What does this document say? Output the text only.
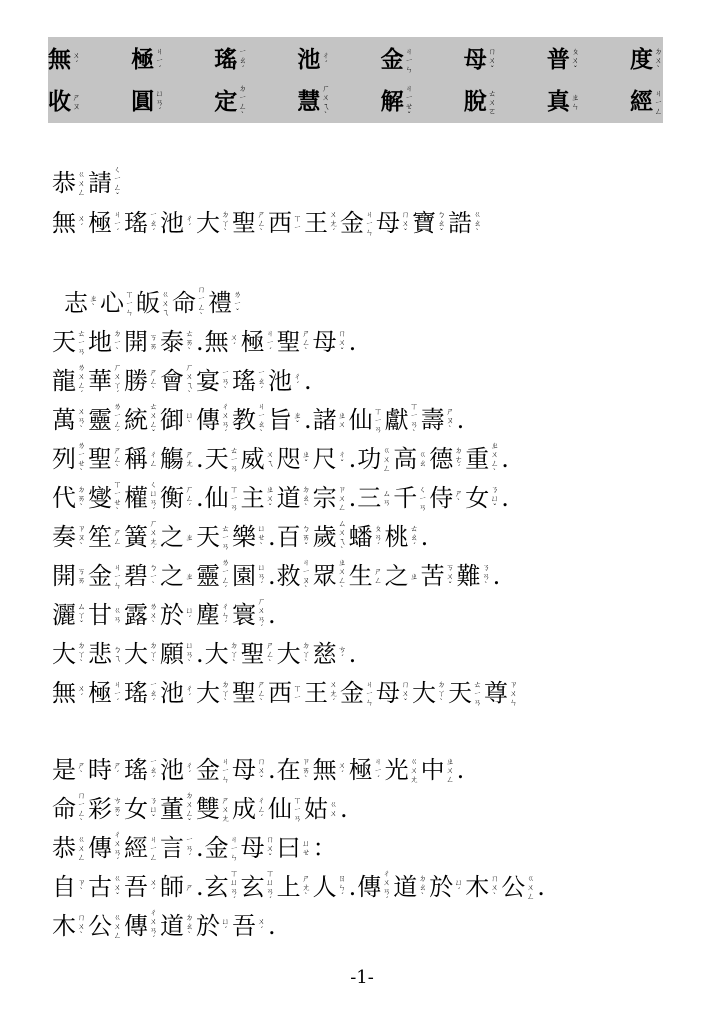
無 ㄨˊ 極 ㄐㄧˊ 瑤 ㄧㄠˊ 池 ㄔˊ 金 ㄐㄧㄣ 母 ㄇㄨˇ 普 ㄆㄨˇ 度 ㄉㄨˋ
收 ㄕㄡ 圓 ㄩㄢˊ 定 ㄉㄧㄥˋ
慧 ㄏㄨㄟˋ
解 ㄐㄧㄝˇ
脫 ㄊㄨㄛ 真 ㄓㄣ 經 ㄐㄧㄥ
恭 ㄍㄨㄥ 請 ㄑㄧㄥˇ
無 ㄨˊ 極 ㄐㄧˊ 瑤 ㄧㄠˊ 池 ㄔˊ 大 ㄉㄚˋ 聖 ㄕㄥˋ 西 ㄒㄧ 王 ㄨㄤˊ 金 ㄐㄧㄣ 母 ㄇㄨˇ 寶 ㄅㄠˇ 誥 ㄍㄠˋ
志 ㄓˋ 心 ㄒㄧㄣ 皈 ㄍㄨㄟ 命 ㄇㄧㄥˋ 禮 ㄌㄧˇ
天 ㄊㄧㄢ 地 ㄉㄧˋ 開 ㄎㄞ 泰 ㄊㄞˋ . 無 ㄨˊ 極 ㄐㄧˊ 聖 ㄕㄥˋ 母 ㄇㄨˇ .
龍 ㄌㄨㄥˊ 華 ㄏㄨㄚˊ 勝 ㄕㄥˋ 會 ㄏㄨㄟˋ 宴 ㄧㄢˋ 瑤 ㄧㄠˊ 池 ㄔˊ .
萬 ㄨㄢˋ 靈 ㄌㄧㄥˊ 統 ㄊㄨㄥˇ 御 ㄩˋ 傳 ㄔㄨㄢˊ 教 ㄐㄧㄠˋ 旨 ㄓˇ . 諸 ㄓㄨ 仙 ㄒㄧㄢ 獻 ㄒㄧㄢˋ 壽 ㄕㄡˋ .
列 ㄌㄧㄝˋ 聖 ㄕㄥˋ 稱 ㄔㄥ 觴 ㄕㄤ . 天 ㄊㄧㄢ 威 ㄨㄟ 咫 ㄓˇ 尺 ㄔˇ . 功 ㄍㄨㄥ 高 ㄍㄠ 德 ㄉㄜˊ 重 ㄓㄨㄥˋ .
代 ㄉㄞˋ 燮 ㄒㄧㄝˋ 權 ㄑㄩㄢˊ 衡 ㄏㄥˊ . 仙 ㄒㄧㄢ 主 ㄓㄨˇ 道 ㄉㄠˋ 宗 ㄗㄨㄥ . 三 ㄙㄢ 千 ㄑㄧㄢ 侍 ㄕˋ 女 ㄋㄩˇ .
奏 ㄗㄡˋ 笙 ㄕㄥ 簧 ㄏㄨㄤˊ 之 ㄓ 天 ㄊㄧㄢ 樂 ㄩㄝˋ . 百 ㄅㄞˇ 歲 ㄙㄨㄟˋ 蟠 ㄆㄢˊ 桃 ㄊㄠˊ .
開 ㄎㄞ 金 ㄐㄧㄣ 碧 ㄅㄧˋ 之 ㄓ 靈 ㄌㄧㄥˊ 園 ㄩㄢˊ . 救 ㄐㄧㄡˋ 眾 ㄓㄨㄥˋ 生 ㄕㄥ 之 ㄓ 苦 ㄎㄨˇ 難 ㄋㄢˋ .
灑 ㄙㄚˇ 甘 ㄍㄢ 露 ㄌㄨˋ 於 ㄩˊ 塵 ㄔㄣˊ 寰 ㄏㄨㄢˊ .
大 ㄉㄚˋ 悲 ㄅㄟ 大 ㄉㄚˋ 願 ㄩㄢˋ . 大 ㄉㄚˋ 聖 ㄕㄥˋ 大 ㄉㄚˋ 慈 ㄘˊ .
無 ㄨˊ 極 ㄐㄧˊ 瑤 ㄧㄠˊ 池 ㄔˊ 大 ㄉㄚˋ 聖 ㄕㄥˋ 西 ㄒㄧ 王 ㄨㄤˊ 金 ㄐㄧㄣ 母 ㄇㄨˇ 大 ㄉㄚˋ 天 ㄊㄧㄢ 尊 ㄗㄨㄣ
是 ㄕˋ 時 ㄕˊ 瑤 ㄧㄠˊ 池 ㄔˊ 金 ㄐㄧㄣ 母 ㄇㄨˇ . 在 ㄗㄞˋ 無 ㄨˊ 極 ㄐㄧˊ 光 ㄍㄨㄤ 中 ㄓㄨㄥ .
命 ㄇㄧㄥˋ 彩 ㄘㄞˇ 女 ㄋㄩˇ 董 ㄉㄨㄥˇ 雙 ㄕㄨㄤ 成 ㄔㄥˊ 仙 ㄒㄧㄢ 姑 ㄍㄨ .
恭 ㄍㄨㄥ 傳 ㄔㄨㄢˊ 經 ㄐㄧㄥ 言 ㄧㄢˊ . 金 ㄐㄧㄣ 母 ㄇㄨˇ 曰 ㄩㄝ ：
自 ㄗˋ 古 ㄍㄨˇ 吾 ㄨˊ 師 ㄕ . 玄 ㄒㄩㄢˊ 玄 ㄒㄩㄢˊ 上 ㄕㄤˋ 人 ㄖㄣˊ . 傳 ㄔㄨㄢˊ 道 ㄉㄠˋ 於 ㄩˊ 木 ㄇㄨˋ 公 ㄍㄨㄥ .
木 ㄇㄨˋ 公 ㄍㄨㄥ 傳 ㄔㄨㄢˊ 道 ㄉㄠˋ 於 ㄩˊ 吾 ㄨˊ .
-1-
